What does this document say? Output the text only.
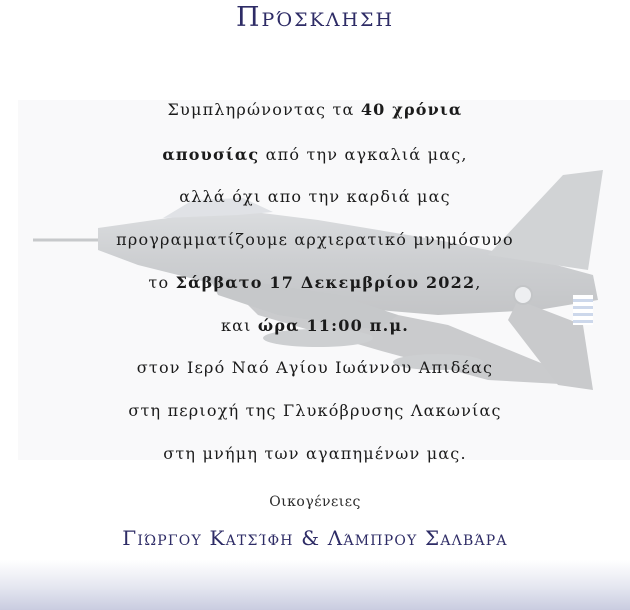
Πρόσκληση
Συμπληρώνοντας τα 40 χρόνια
απουσίας από την αγκαλιά μας,
αλλά όχι απο την καρδιά μας
προγραμματίζουμε αρχιερατικό μνημόσυνο
το Σάββατο 17 Δεκεμβρίου 2022,
και ώρα 11:00 π.μ.
στον Ιερό Ναό Αγίου Ιωάννου Απιδέας
στη περιοχή της Γλυκόβρυσης Λακωνίας
στη μνήμη των αγαπημένων μας.
Οικογένειες
Γιώργου Κατσίφη & Λάμπρου Σαλβάρα
